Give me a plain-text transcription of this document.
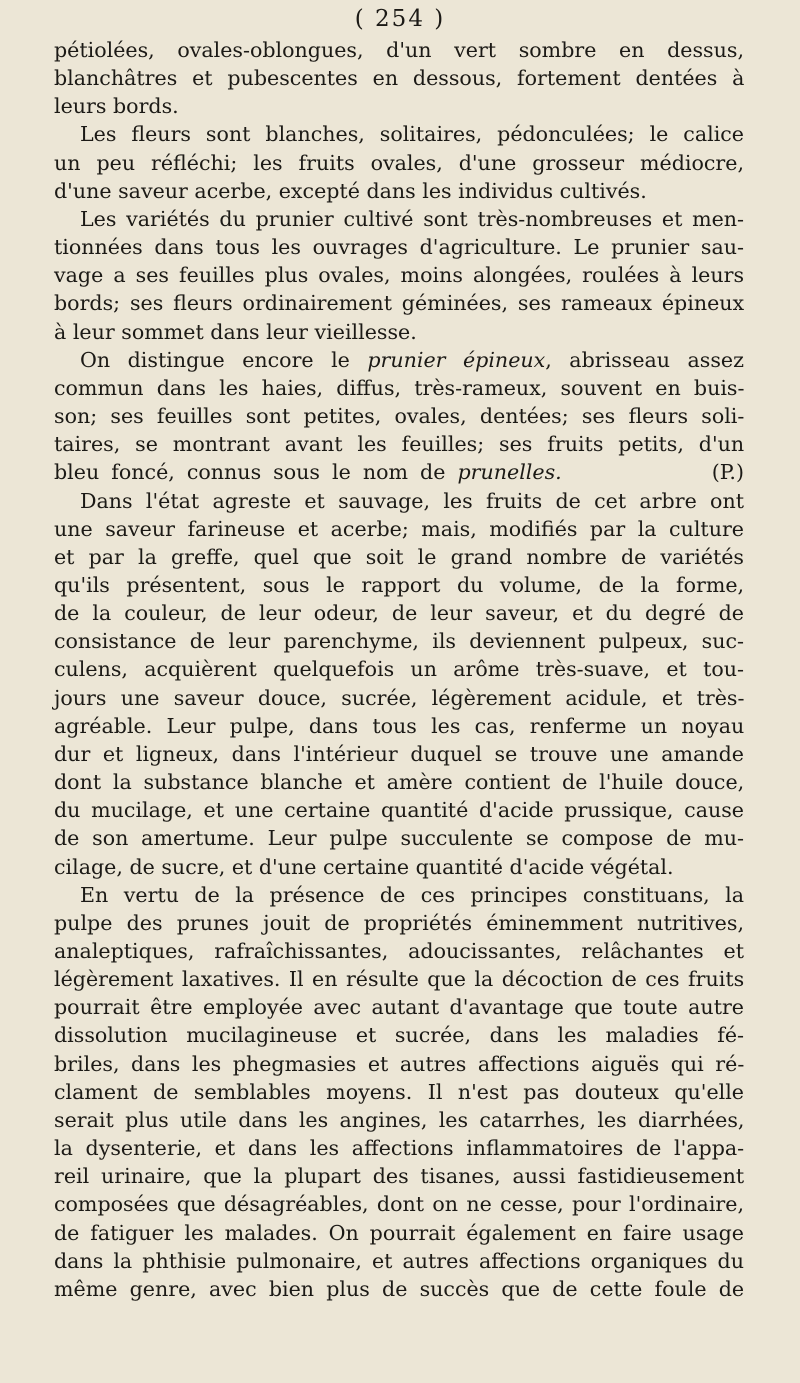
( 254 )

pétiolées, ovales-oblongues, d'un vert sombre en dessus,
blanchâtres et pubescentes en dessous, fortement dentées à
leurs bords.

Les fleurs sont blanches, solitaires, pédonculées; le calice
un peu réfléchi; les fruits ovales, d'une grosseur médiocre,
d'une saveur acerbe, excepté dans les individus cultivés.

Les variétés du prunier cultivé sont très-nombreuses et men-
tionnées dans tous les ouvrages d'agriculture. Le prunier sau-
vage a ses feuilles plus ovales, moins alongées, roulées à leurs
bords; ses fleurs ordinairement géminées, ses rameaux épineux
à leur sommet dans leur vieillesse.

On distingue encore le prunier épineux, abrisseau assez
commun dans les haies, diffus, très-rameux, souvent en buis-
son; ses feuilles sont petites, ovales, dentées; ses fleurs soli-
taires, se montrant avant les feuilles; ses fruits petits, d'un
bleu foncé, connus sous le nom de prunelles.	(P.)

Dans l'état agreste et sauvage, les fruits de cet arbre ont
une saveur farineuse et acerbe; mais, modifiés par la culture
et par la greffe, quel que soit le grand nombre de variétés
qu'ils présentent, sous le rapport du volume, de la forme,
de la couleur, de leur odeur, de leur saveur, et du degré de
consistance de leur parenchyme, ils deviennent pulpeux, suc-
culens, acquièrent quelquefois un arôme très-suave, et tou-
jours une saveur douce, sucrée, légèrement acidule, et très-
agréable. Leur pulpe, dans tous les cas, renferme un noyau
dur et ligneux, dans l'intérieur duquel se trouve une amande
dont la substance blanche et amère contient de l'huile douce,
du mucilage, et une certaine quantité d'acide prussique, cause
de son amertume. Leur pulpe succulente se compose de mu-
cilage, de sucre, et d'une certaine quantité d'acide végétal.

En vertu de la présence de ces principes constituans, la
pulpe des prunes jouit de propriétés éminemment nutritives,
analeptiques, rafraîchissantes, adoucissantes, relâchantes et
légèrement laxatives. Il en résulte que la décoction de ces fruits
pourrait être employée avec autant d'avantage que toute autre
dissolution mucilagineuse et sucrée, dans les maladies fé-
briles, dans les phegmasies et autres affections aiguës qui ré-
clament de semblables moyens. Il n'est pas douteux qu'elle
serait plus utile dans les angines, les catarrhes, les diarrhées,
la dysenterie, et dans les affections inflammatoires de l'appa-
reil urinaire, que la plupart des tisanes, aussi fastidieusement
composées que désagréables, dont on ne cesse, pour l'ordinaire,
de fatiguer les malades. On pourrait également en faire usage
dans la phthisie pulmonaire, et autres affections organiques du
même genre, avec bien plus de succès que de cette foule de
